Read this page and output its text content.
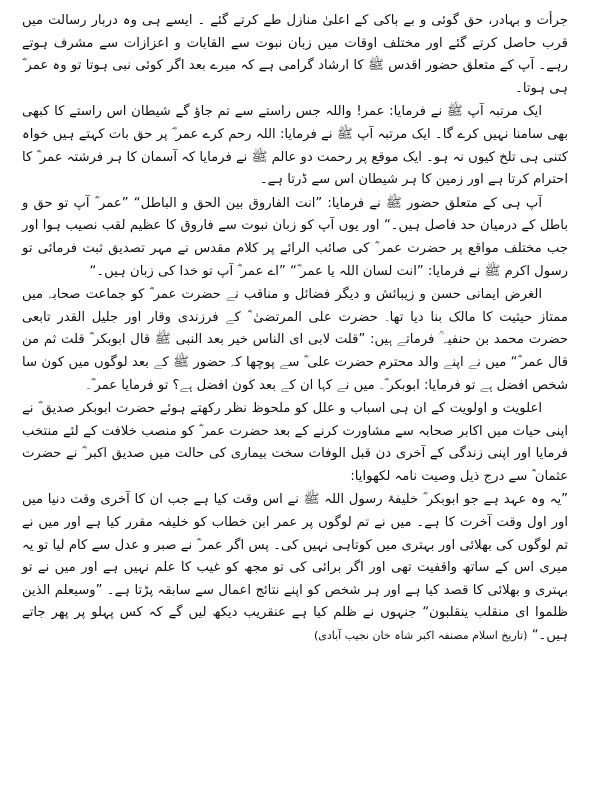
جرأت و بہادر، حق گوئی و بے باکی کے اعلیٰ منازل طے کرتے گئے ۔ ایسے ہی وہ دربار رسالت میں قرب حاصل کرتے گئے اور مختلف اوقات میں زبان نبوت سے القابات و اعزازات سے مشرف ہوتے رہے۔ آپ کے متعلق حضور اقدس ﷺ کا ارشاد گرامی ہے کہ میرے بعد اگر کوئی نبی ہوتا تو وہ عمر ؓ ہی ہوتا۔

ایک مرتبہ آپ ﷺ نے فرمایا: عمر! واللہ جس راستے سے تم جاؤ گے شیطان اس راستے کا کبھی بھی سامنا نہیں کرے گا۔ ایک مرتبہ آپ ﷺ نے فرمایا: اللہ رحم کرے عمر ؓ پر حق بات کہتے ہیں خواہ کتنی ہی تلخ کیوں نہ ہو۔ ایک موقع پر رحمت دو عالم ﷺ نے فرمایا کہ آسمان کا ہر فرشتہ عمر ؓ کا احترام کرتا ہے اور زمین کا ہر شیطان اس سے ڈرتا ہے۔

آپ ہی کے متعلق حضور ﷺ نے فرمایا: ”انت الفاروق بین الحق و الباطل“ ”عمر ؓ آپ تو حق و باطل کے درمیان حد فاصل ہیں۔“ اور یوں آپ کو زبان نبوت سے فاروق کا عظیم لقب نصیب ہوا اور جب مختلف مواقع پر حضرت عمر ؓ کی صائب الرائے پر کلام مقدس نے مہر تصدیق ثبت فرمائی تو رسول اکرم ﷺ نے فرمایا: ”انت لسان اللہ یا عمر ؓ“ ”اے عمر ؓ آپ تو خدا کی زبان ہیں۔“

الغرض ایمانی حسن و زیبائش و دیگر فضائل و مناقب نے حضرت عمر ؓ کو جماعت صحابہ میں ممتاز حیثیت کا مالک بنا دیا تھا۔ حضرت علی المرتضیٰ ؓ کے فرزندی وقار اور جلیل القدر تابعی حضرت محمد بن حنفیہ ؒ فرماتے ہیں: ”قلت لابی ای الناس خیر بعد النبی ﷺ قال ابوبکر ؓ قلت ثم من قال عمر ؓ“ میں نے اپنے والد محترم حضرت علی ؓ سے پوچھا کہ حضور ﷺ کے بعد لوگوں میں کون سا شخص افضل ہے تو فرمایا: ابوبکر ؓ۔ میں نے کہا ان کے بعد کون افضل ہے؟ تو فرمایا عمر ؓ۔

اعلویت و اولویت کے ان ہی اسباب و علل کو ملحوظ نظر رکھتے ہوئے حضرت ابوبکر صدیق ؓ نے اپنی حیات میں اکابر صحابہ سے مشاورت کرنے کے بعد حضرت عمر ؓ کو منصب خلافت کے لئے منتخب فرمایا اور اپنی زندگی کے آخری دن قبل الوفات سخت بیماری کی حالت میں صدیق اکبر ؓ نے حضرت عثمان ؓ سے درج ذیل وصیت نامہ لکھوایا:

”یہ وہ عہد ہے جو ابوبکر ؓ خلیفۂ رسول اللہ ﷺ نے اس وقت کیا ہے جب ان کا آخری وقت دنیا میں اور اول وقت آخرت کا ہے۔ میں نے تم لوگوں پر عمر ابن خطاب کو خلیفہ مقرر کیا ہے اور میں نے تم لوگوں کی بھلائی اور بہتری میں کوتاہی نہیں کی۔ پس اگر عمر ؓ نے صبر و عدل سے کام لیا تو یہ میری اس کے ساتھ واقفیت تھی اور اگر برائی کی تو مجھ کو غیب کا علم نہیں ہے اور میں نے تو بہتری و بھلائی کا قصد کیا ہے اور ہر شخص کو اپنے نتائج اعمال سے سابقہ پڑتا ہے۔ ”وسیعلم الذین ظلموا ای منقلب ینقلبون“ جنہوں نے ظلم کیا ہے عنقریب دیکھ لیں گے کہ کس پہلو پر پھر جاتے ہیں۔“ (تاریخ اسلام مصنفہ اکبر شاہ خان نجیب آبادی)
